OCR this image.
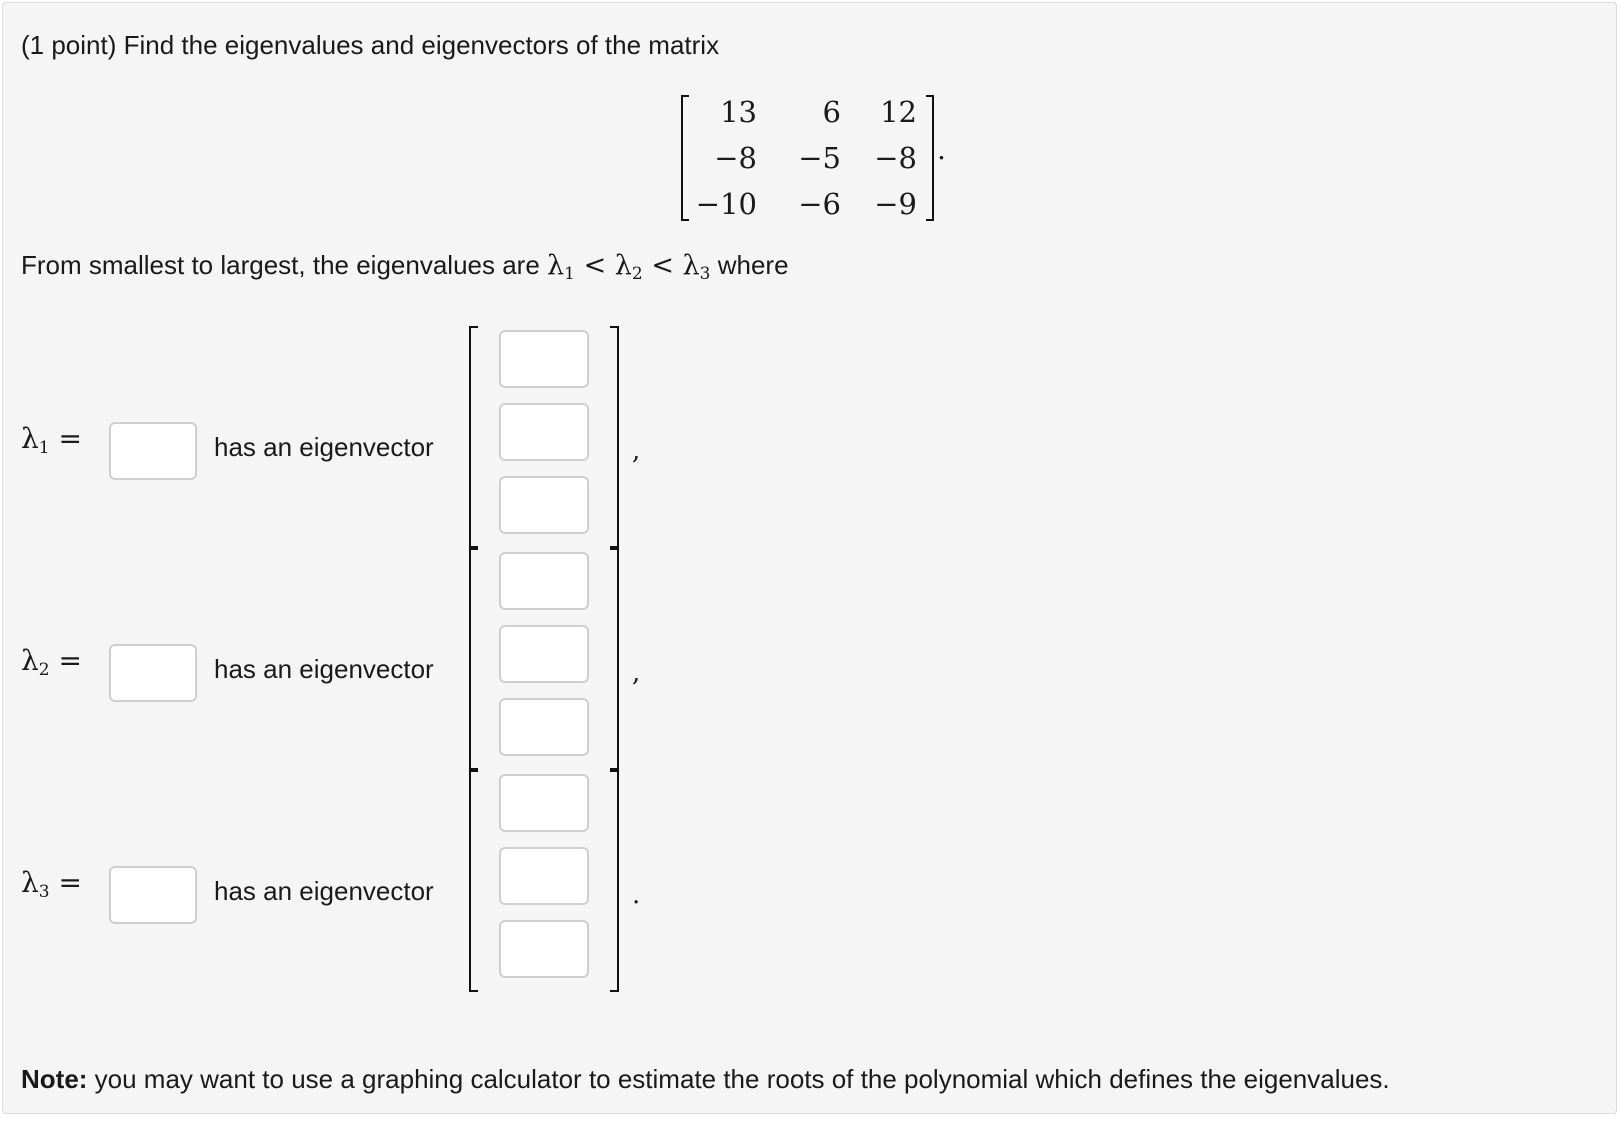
(1 point) Find the eigenvalues and eigenvectors of the matrix

13	6	12
−8	−5	−8
−10	−6	−9
.
From smallest to largest, the eigenvalues are $\lambda_1 < \lambda_2 < \lambda_3$ where
$\lambda_1$ =	has an eigenvector	,
$\lambda_2$ =	has an eigenvector	,
$\lambda_3$ =	has an eigenvector	.

Note: you may want to use a graphing calculator to estimate the roots of the polynomial which defines the eigenvalues.
